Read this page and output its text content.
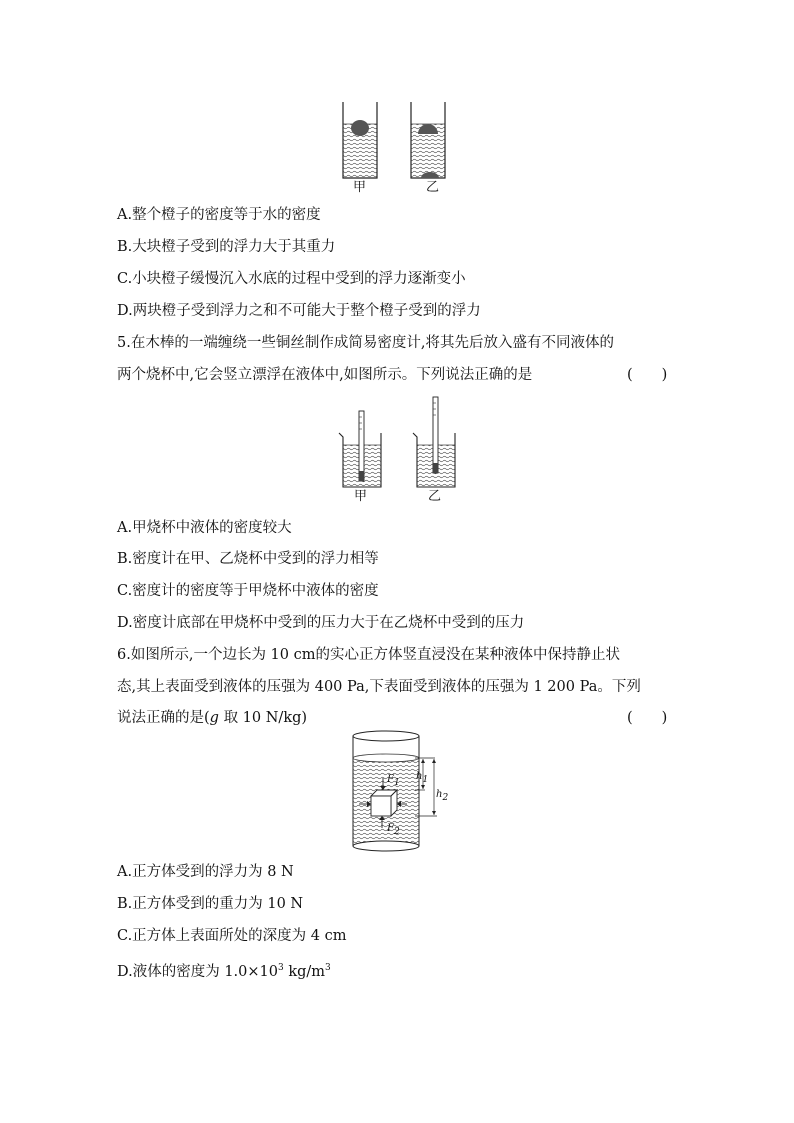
甲	乙
A.整个橙子的密度等于水的密度
B.大块橙子受到的浮力大于其重力
C.小块橙子缓慢沉入水底的过程中受到的浮力逐渐变小
D.两块橙子受到浮力之和不可能大于整个橙子受到的浮力
5.在木棒的一端缠绕一些铜丝制作成简易密度计,将其先后放入盛有不同液体的
两个烧杯中,它会竖立漂浮在液体中,如图所示。下列说法正确的是	(　　)
甲	乙
A.甲烧杯中液体的密度较大
B.密度计在甲、乙烧杯中受到的浮力相等
C.密度计的密度等于甲烧杯中液体的密度
D.密度计底部在甲烧杯中受到的压力大于在乙烧杯中受到的压力
6.如图所示,一个边长为 10 cm的实心正方体竖直浸没在某种液体中保持静止状
态,其上表面受到液体的压强为 400 Pa,下表面受到液体的压强为 1 200 Pa。下列
说法正确的是(g 取 10 N/kg)	(　　)
$F_1$
$F_2$
$h_1$
$h_2$
A.正方体受到的浮力为 8 N
B.正方体受到的重力为 10 N
C.正方体上表面所处的深度为 4 cm
D.液体的密度为 $1.0\times 10^3$ $kg/m^3$
